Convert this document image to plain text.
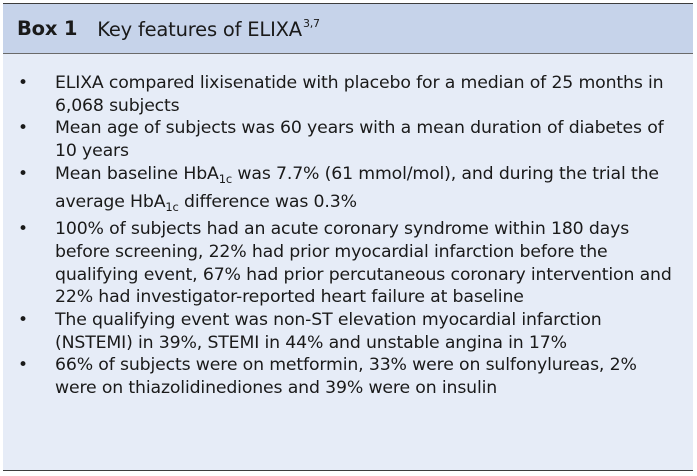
Box 1 Key features of ELIXA$^{3,7}$
• ELIXA compared lixisenatide with placebo for a median of 25 months in 6,068 subjects
• Mean age of subjects was 60 years with a mean duration of diabetes of 10 years
• Mean baseline HbA$_{1c}$ was 7.7% (61 mmol/mol), and during the trial the average HbA$_{1c}$ difference was 0.3%
• 100% of subjects had an acute coronary syndrome within 180 days before screening, 22% had prior myocardial infarction before the qualifying event, 67% had prior percutaneous coronary intervention and 22% had investigator-reported heart failure at baseline
• The qualifying event was non-ST elevation myocardial infarction (NSTEMI) in 39%, STEMI in 44% and unstable angina in 17%
• 66% of subjects were on metformin, 33% were on sulfonylureas, 2% were on thiazolidinediones and 39% were on insulin
